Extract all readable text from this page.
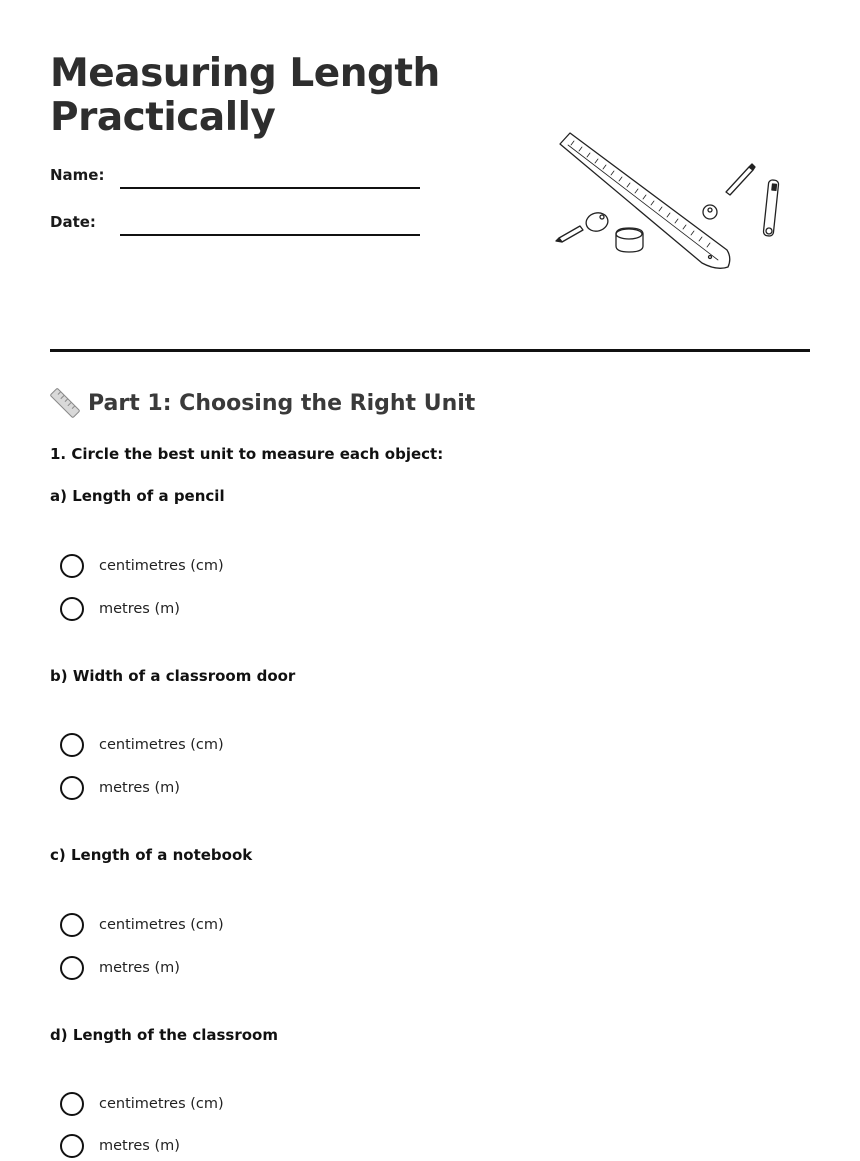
Measuring Length
Practically
Name:
Date:
Part 1: Choosing the Right Unit
1. Circle the best unit to measure each object:
a) Length of a pencil
centimetres (cm)
metres (m)
b) Width of a classroom door
centimetres (cm)
metres (m)
c) Length of a notebook
centimetres (cm)
metres (m)
d) Length of the classroom
centimetres (cm)
metres (m)
